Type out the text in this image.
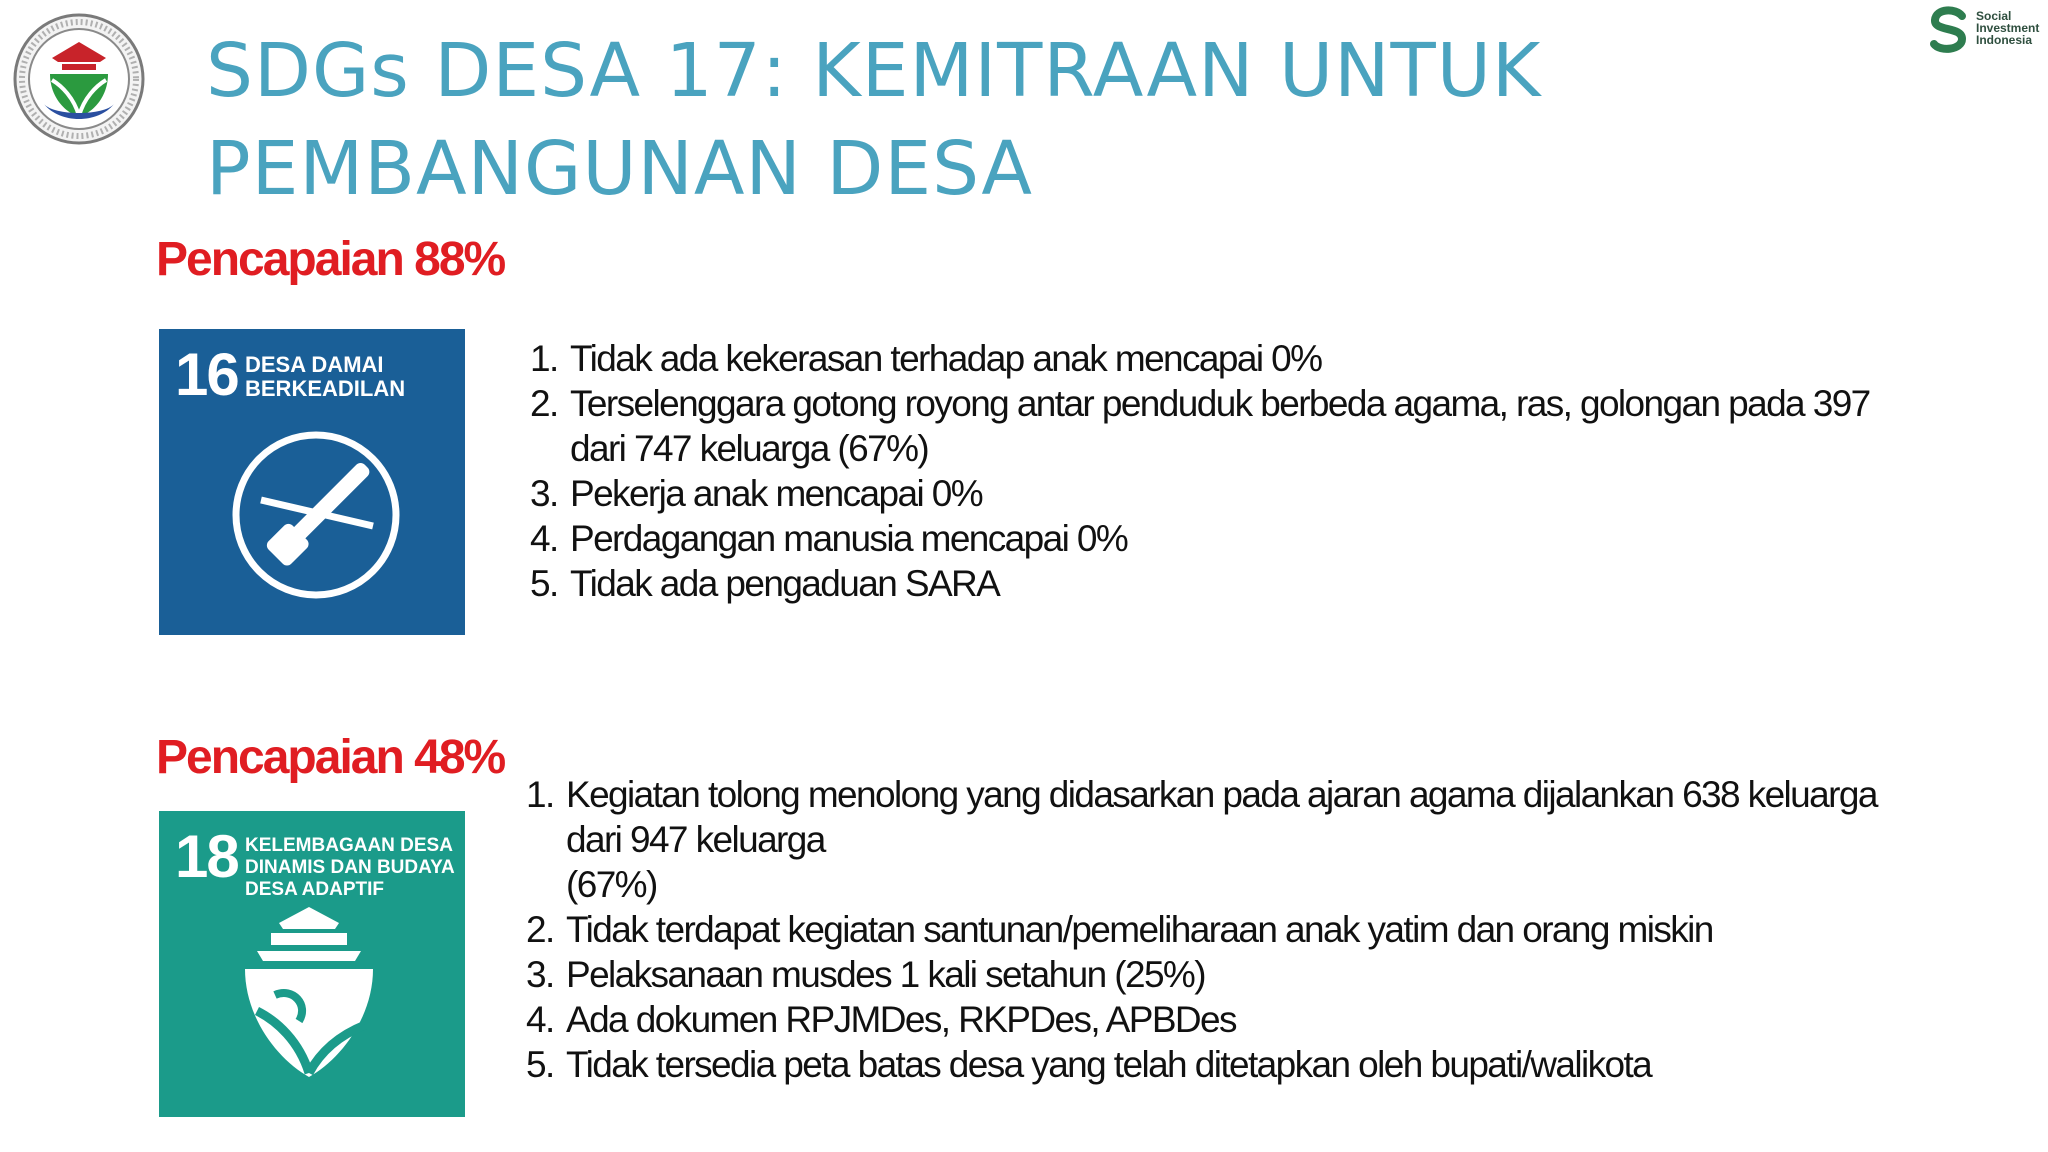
Social
Investment
Indonesia
SDGs DESA 17: KEMITRAAN UNTUK
PEMBANGUNAN DESA
Pencapaian 88%
16 DESA DAMAI
BERKEADILAN
1. Tidak ada kekerasan terhadap anak mencapai 0%
2. Terselenggara gotong royong antar penduduk berbeda agama, ras, golongan pada 397
dari 747 keluarga (67%)
3. Pekerja anak mencapai 0%
4. Perdagangan manusia mencapai 0%
5. Tidak ada pengaduan SARA
Pencapaian 48%
18 KELEMBAGAAN DESA
DINAMIS DAN BUDAYA
DESA ADAPTIF
1. Kegiatan tolong menolong yang didasarkan pada ajaran agama dijalankan 638 keluarga
dari 947 keluarga
(67%)
2. Tidak terdapat kegiatan santunan/pemeliharaan anak yatim dan orang miskin
3. Pelaksanaan musdes 1 kali setahun (25%)
4. Ada dokumen RPJMDes, RKPDes, APBDes
5. Tidak tersedia peta batas desa yang telah ditetapkan oleh bupati/walikota
